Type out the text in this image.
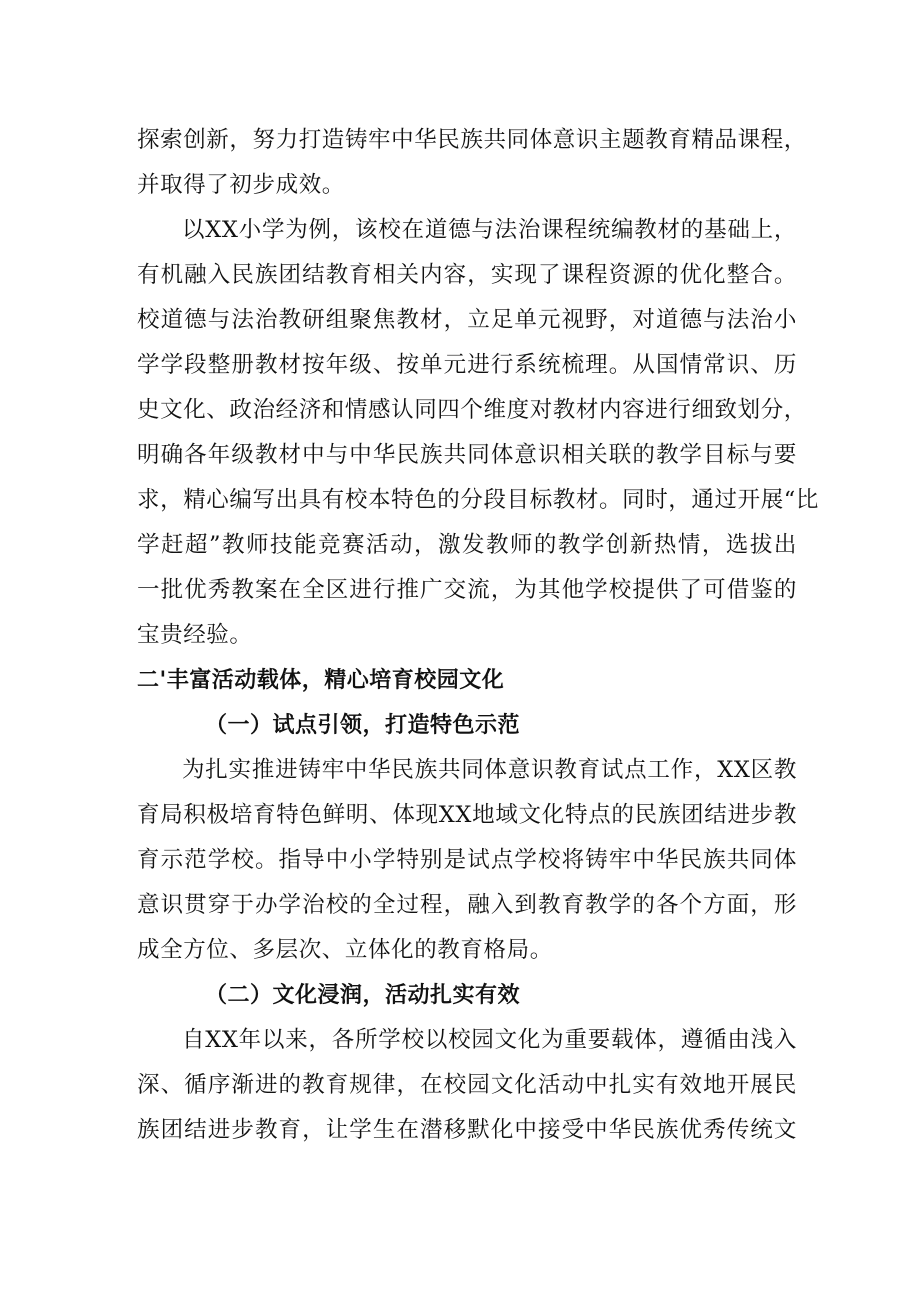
探索创新，努力打造铸牢中华民族共同体意识主题教育精品课程，
并取得了初步成效。
以XX小学为例，该校在道德与法治课程统编教材的基础上，
有机融入民族团结教育相关内容，实现了课程资源的优化整合。
校道德与法治教研组聚焦教材，立足单元视野，对道德与法治小
学学段整册教材按年级、按单元进行系统梳理。从国情常识、历
史文化、政治经济和情感认同四个维度对教材内容进行细致划分，
明确各年级教材中与中华民族共同体意识相关联的教学目标与要
求，精心编写出具有校本特色的分段目标教材。同时，通过开展“比
学赶超”教师技能竞赛活动，激发教师的教学创新热情，选拔出
一批优秀教案在全区进行推广交流，为其他学校提供了可借鉴的
宝贵经验。
二'丰富活动载体，精心培育校园文化
（一）试点引领，打造特色示范
为扎实推进铸牢中华民族共同体意识教育试点工作，XX区教
育局积极培育特色鲜明、体现XX地域文化特点的民族团结进步教
育示范学校。指导中小学特别是试点学校将铸牢中华民族共同体
意识贯穿于办学治校的全过程，融入到教育教学的各个方面，形
成全方位、多层次、立体化的教育格局。
（二）文化浸润，活动扎实有效
自XX年以来，各所学校以校园文化为重要载体，遵循由浅入
深、循序渐进的教育规律，在校园文化活动中扎实有效地开展民
族团结进步教育，让学生在潜移默化中接受中华民族优秀传统文
